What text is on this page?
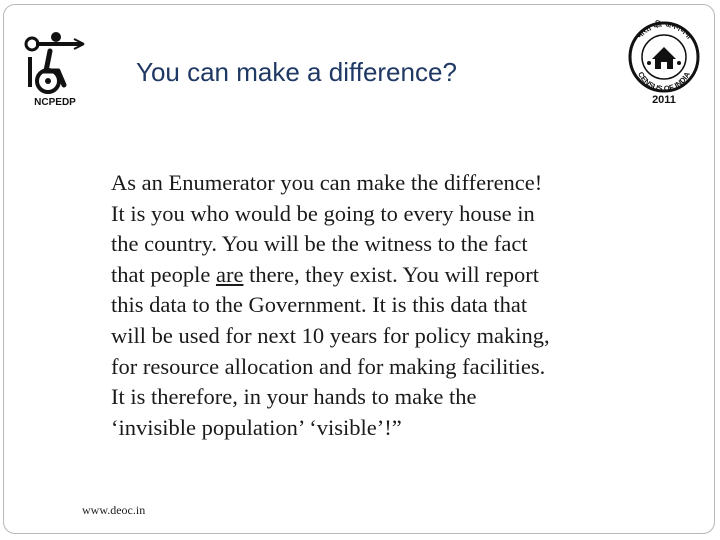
NCPEDP
You can make a difference?
भारत की जनगणना
CENSUS OF INDIA
2011
As an Enumerator you can make the difference!
It is you who would be going to every house in
the country. You will be the witness to the fact
that people are there, they exist. You will report
this data to the Government. It is this data that
will be used for next 10 years for policy making,
for resource allocation and for making facilities.
It is therefore, in your hands to make the
‘invisible population’ ‘visible’!”
www.deoc.in
